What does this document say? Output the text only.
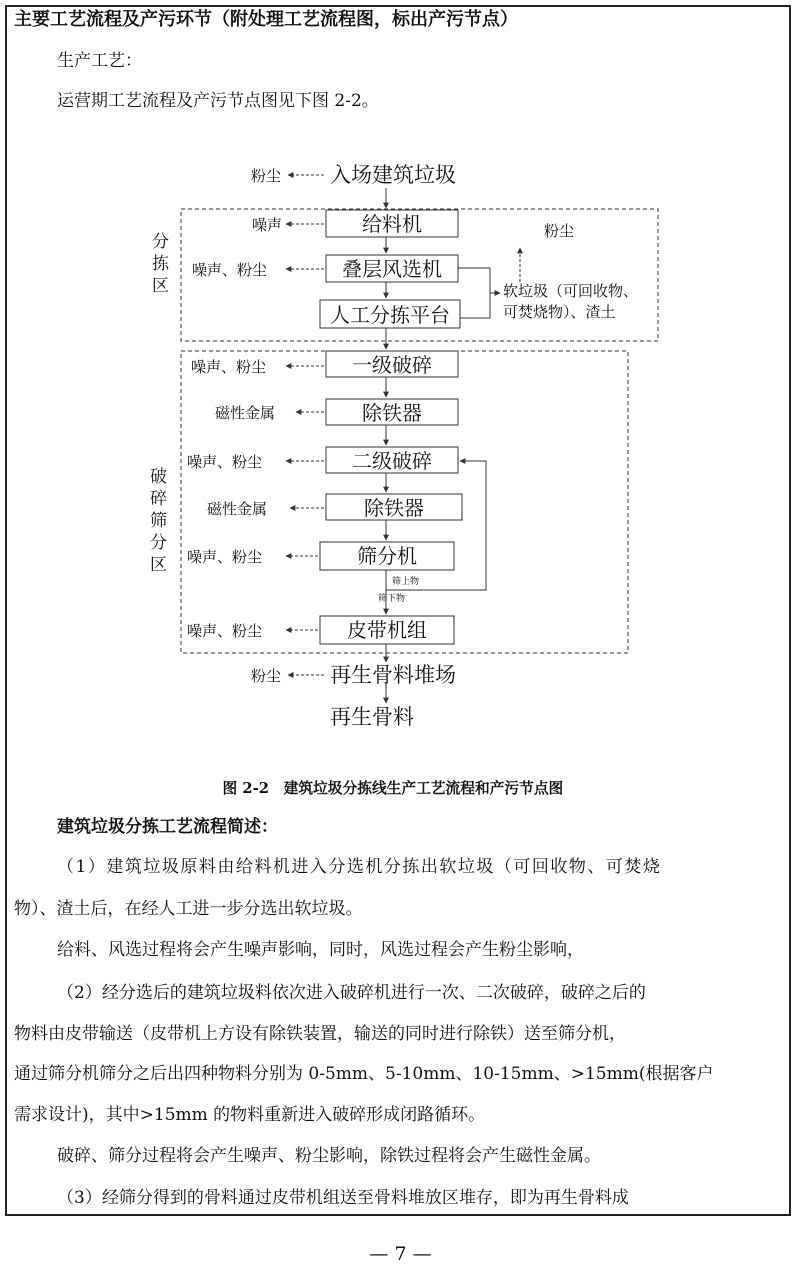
主要工艺流程及产污环节（附处理工艺流程图，标出产污节点）
生产工艺：
运营期工艺流程及产污节点图见下图 2-2。
入场建筑垃圾
给料机
叠层风选机
人工分拣平台
一级破碎
除铁器
二级破碎
除铁器
筛分机
皮带机组
再生骨料堆场
再生骨料
粉尘
噪声
噪声、粉尘
噪声、粉尘
磁性金属
噪声、粉尘
磁性金属
噪声、粉尘
噪声、粉尘
粉尘
粉尘
软垃圾（可回收物、
可焚烧物）、渣土
分 拣 区
破 碎 筛 分 区
筛上物
筛下物
图 2-2　建筑垃圾分拣线生产工艺流程和产污节点图
建筑垃圾分拣工艺流程简述：
（1）建筑垃圾原料由给料机进入分选机分拣出软垃圾（可回收物、可焚烧
物）、渣土后，在经人工进一步分选出软垃圾。
给料、风选过程将会产生噪声影响，同时，风选过程会产生粉尘影响，
（2）经分选后的建筑垃圾料依次进入破碎机进行一次、二次破碎，破碎之后的
物料由皮带输送（皮带机上方设有除铁装置，输送的同时进行除铁）送至筛分机，
通过筛分机筛分之后出四种物料分别为 0-5mm、5-10mm、10-15mm、>15mm(根据客户
需求设计)，其中>15mm 的物料重新进入破碎形成闭路循环。
破碎、筛分过程将会产生噪声、粉尘影响，除铁过程将会产生磁性金属。
（3）经筛分得到的骨料通过皮带机组送至骨料堆放区堆存，即为再生骨料成
— 7 —
